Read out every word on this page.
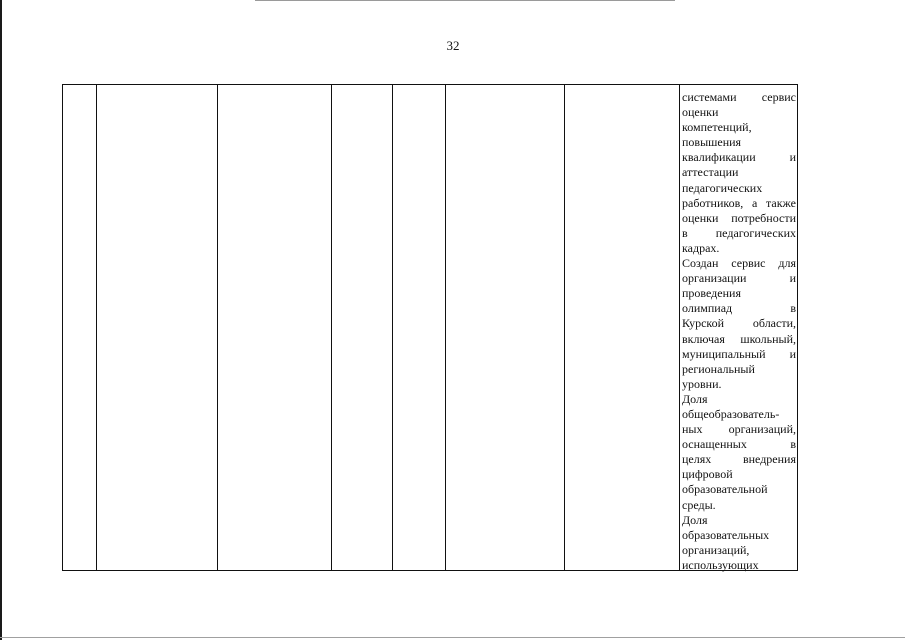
32
системами сервис
оценки
компетенций,
повышения
квалификации и
аттестации
педагогических
работников, а также
оценки потребности
в педагогических
кадрах.
Создан сервис для
организации и
проведения
олимпиад в
Курской области,
включая школьный,
муниципальный и
региональный
уровни.
Доля
общеобразователь-
ных организаций,
оснащенных в
целях внедрения
цифровой
образовательной
среды.
Доля
образовательных
организаций,
использующих
